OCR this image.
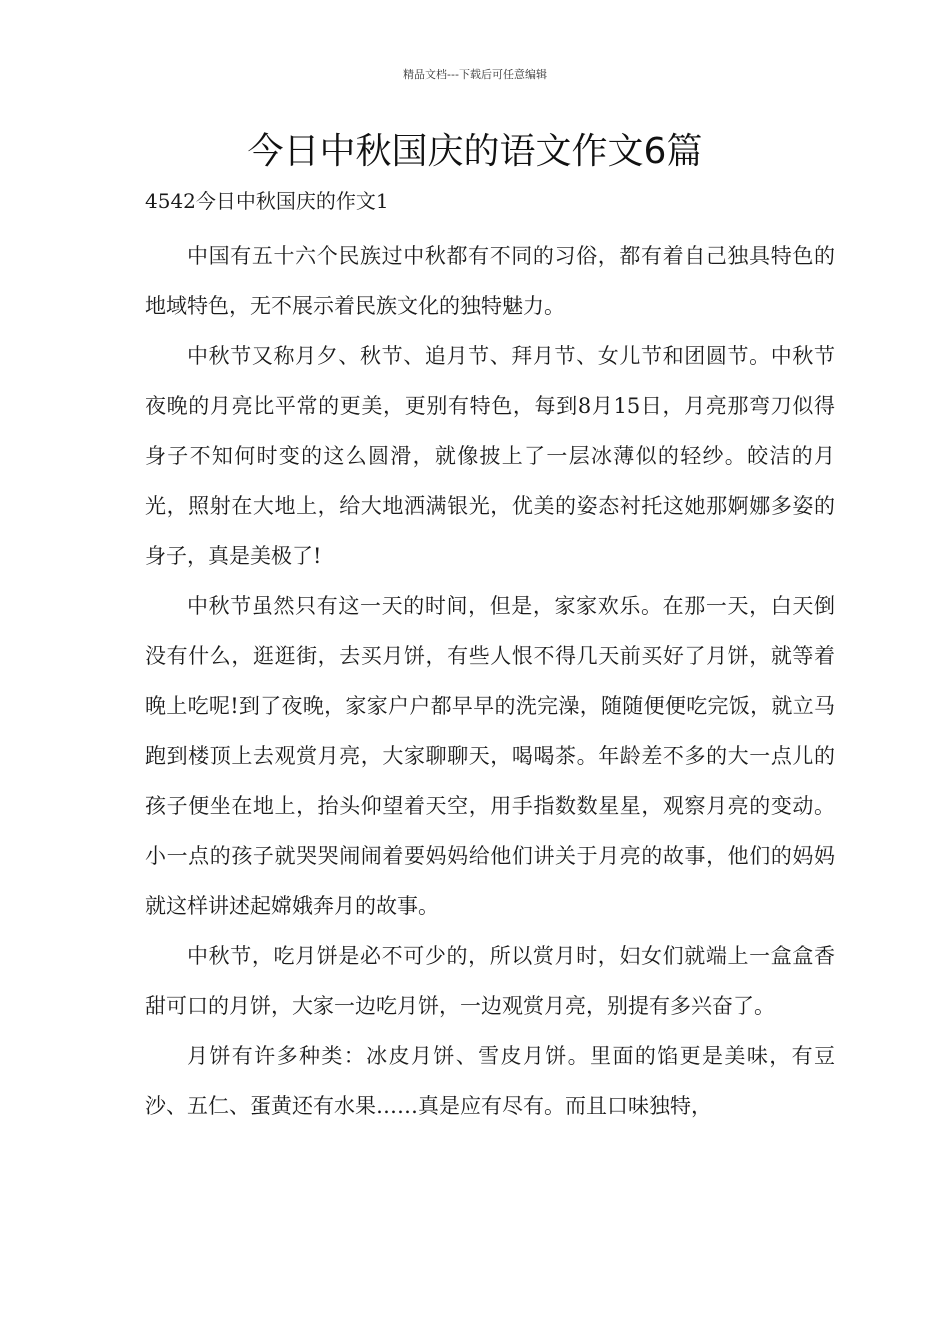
精品文档---下载后可任意编辑
今日中秋国庆的语文作文6篇
4542今日中秋国庆的作文1

中国有五十六个民族过中秋都有不同的习俗，都有着自己独具特色的地域特色，无不展示着民族文化的独特魅力。

中秋节又称月夕、秋节、追月节、拜月节、女儿节和团圆节。中秋节夜晚的月亮比平常的更美，更别有特色，每到8月15日，月亮那弯刀似得身子不知何时变的这么圆滑，就像披上了一层冰薄似的轻纱。皎洁的月光，照射在大地上，给大地洒满银光，优美的姿态衬托这她那婀娜多姿的身子，真是美极了!

中秋节虽然只有这一天的时间，但是，家家欢乐。在那一天，白天倒没有什么，逛逛街，去买月饼，有些人恨不得几天前买好了月饼，就等着晚上吃呢!到了夜晚，家家户户都早早的洗完澡，随随便便吃完饭，就立马跑到楼顶上去观赏月亮，大家聊聊天，喝喝茶。年龄差不多的大一点儿的孩子便坐在地上，抬头仰望着天空，用手指数数星星，观察月亮的变动。小一点的孩子就哭哭闹闹着要妈妈给他们讲关于月亮的故事，他们的妈妈就这样讲述起嫦娥奔月的故事。

中秋节，吃月饼是必不可少的，所以赏月时，妇女们就端上一盒盒香甜可口的月饼，大家一边吃月饼，一边观赏月亮，别提有多兴奋了。

月饼有许多种类：冰皮月饼、雪皮月饼。里面的馅更是美味，有豆沙、五仁、蛋黄还有水果……真是应有尽有。而且口味独特，
